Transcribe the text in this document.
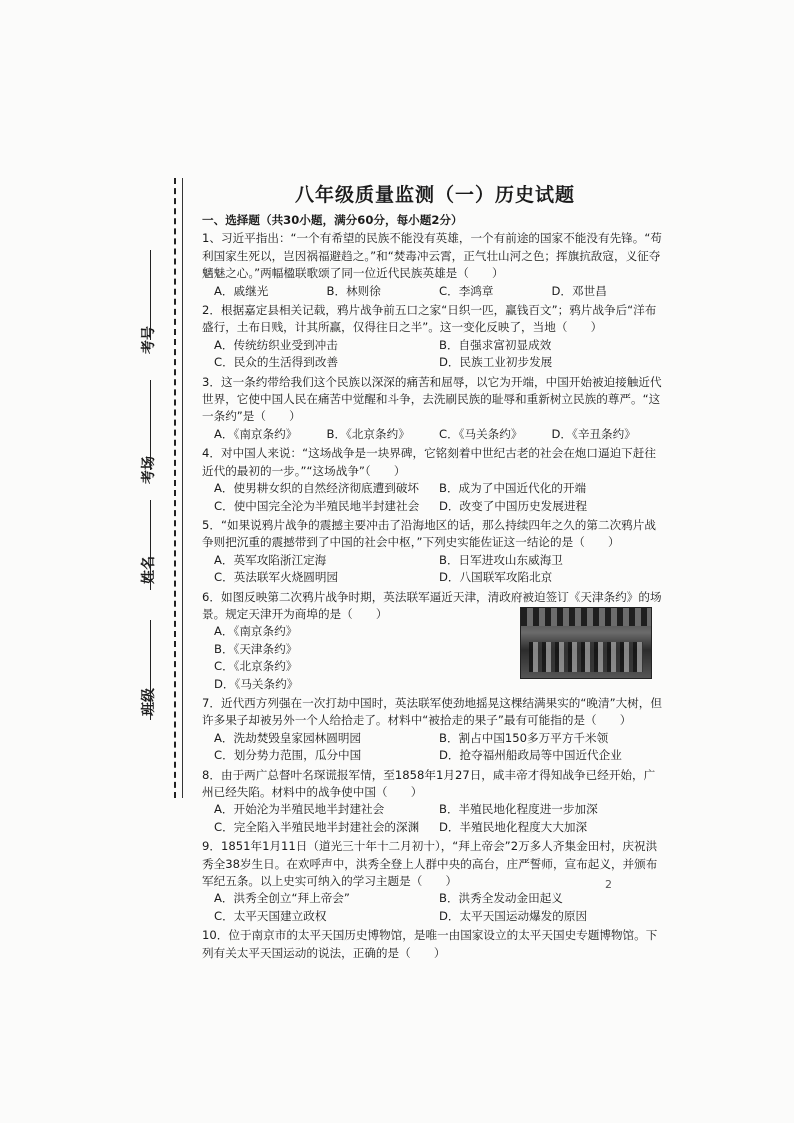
考号
考场
姓名
班级
八年级质量监测（一）历史试题
一、选择题（共30小题，满分60分，每小题2分）
1、习近平指出：“一个有希望的民族不能没有英雄，一个有前途的国家不能没有先锋。“苟利国家生死以，岂因祸福避趋之。”和“焚毒冲云霄，正气壮山河之色；挥旗抗敌寇，义征夺魑魅之心。”两幅楹联歌颂了同一位近代民族英雄是（　　）
A．戚继光	B．林则徐	C．李鸿章	D．邓世昌
2．根据嘉定县相关记载，鸦片战争前五口之家“日织一匹，赢钱百文”；鸦片战争后“洋布盛行，土布日贱，计其所赢，仅得往日之半”。这一变化反映了，当地（　　）
A．传统纺织业受到冲击	B．自强求富初显成效
C．民众的生活得到改善	D．民族工业初步发展
3．这一条约带给我们这个民族以深深的痛苦和屈辱，以它为开端，中国开始被迫接触近代世界，它使中国人民在痛苦中觉醒和斗争，去洗刷民族的耻辱和重新树立民族的尊严。“这一条约”是（　　）
A．《南京条约》	B．《北京条约》	C．《马关条约》	D．《辛丑条约》
4．对中国人来说：“这场战争是一块界碑，它铭刻着中世纪古老的社会在炮口逼迫下赶往近代的最初的一步。”“这场战争”（　　）
A．使男耕女织的自然经济彻底遭到破坏	B．成为了中国近代化的开端
C．使中国完全沦为半殖民地半封建社会	D．改变了中国历史发展进程
5．“如果说鸦片战争的震撼主要冲击了沿海地区的话，那么持续四年之久的第二次鸦片战争则把沉重的震撼带到了中国的社会中枢，”下列史实能佐证这一结论的是（　　）
A．英军攻陷浙江定海	B．日军进攻山东威海卫
C．英法联军火烧圆明园	D．八国联军攻陷北京
6．如图反映第二次鸦片战争时期，英法联军逼近天津，清政府被迫签订《天津条约》的场景。规定天津开为商埠的是（　　）
A．《南京条约》
B．《天津条约》
C．《北京条约》
D．《马关条约》
7．近代西方列强在一次打劫中国时，英法联军使劲地摇晃这棵结满果实的“晚清”大树，但许多果子却被另外一个人给拾走了。材料中“被拾走的果子”最有可能指的是（　　）
A．洗劫焚毁皇家园林圆明园	B．割占中国150多万平方千米领
C．划分势力范围，瓜分中国	D．抢夺福州船政局等中国近代企业
8．由于两广总督叶名琛谎报军情，至1858年1月27日，咸丰帝才得知战争已经开始，广州已经失陷。材料中的战争使中国（　　）
A．开始沦为半殖民地半封建社会	B．半殖民地化程度进一步加深
C．完全陷入半殖民地半封建社会的深渊	D．半殖民地化程度大大加深
9．1851年1月11日（道光三十年十二月初十），“拜上帝会”2万多人齐集金田村，庆祝洪秀全38岁生日。在欢呼声中，洪秀全登上人群中央的高台，庄严誓师，宣布起义，并颁布军纪五条。以上史实可纳入的学习主题是（　　）
A．洪秀全创立“拜上帝会”	B．洪秀全发动金田起义
C．太平天国建立政权	D．太平天国运动爆发的原因
10．位于南京市的太平天国历史博物馆，是唯一由国家设立的太平天国史专题博物馆。下列有关太平天国运动的说法，正确的是（　　）
2
